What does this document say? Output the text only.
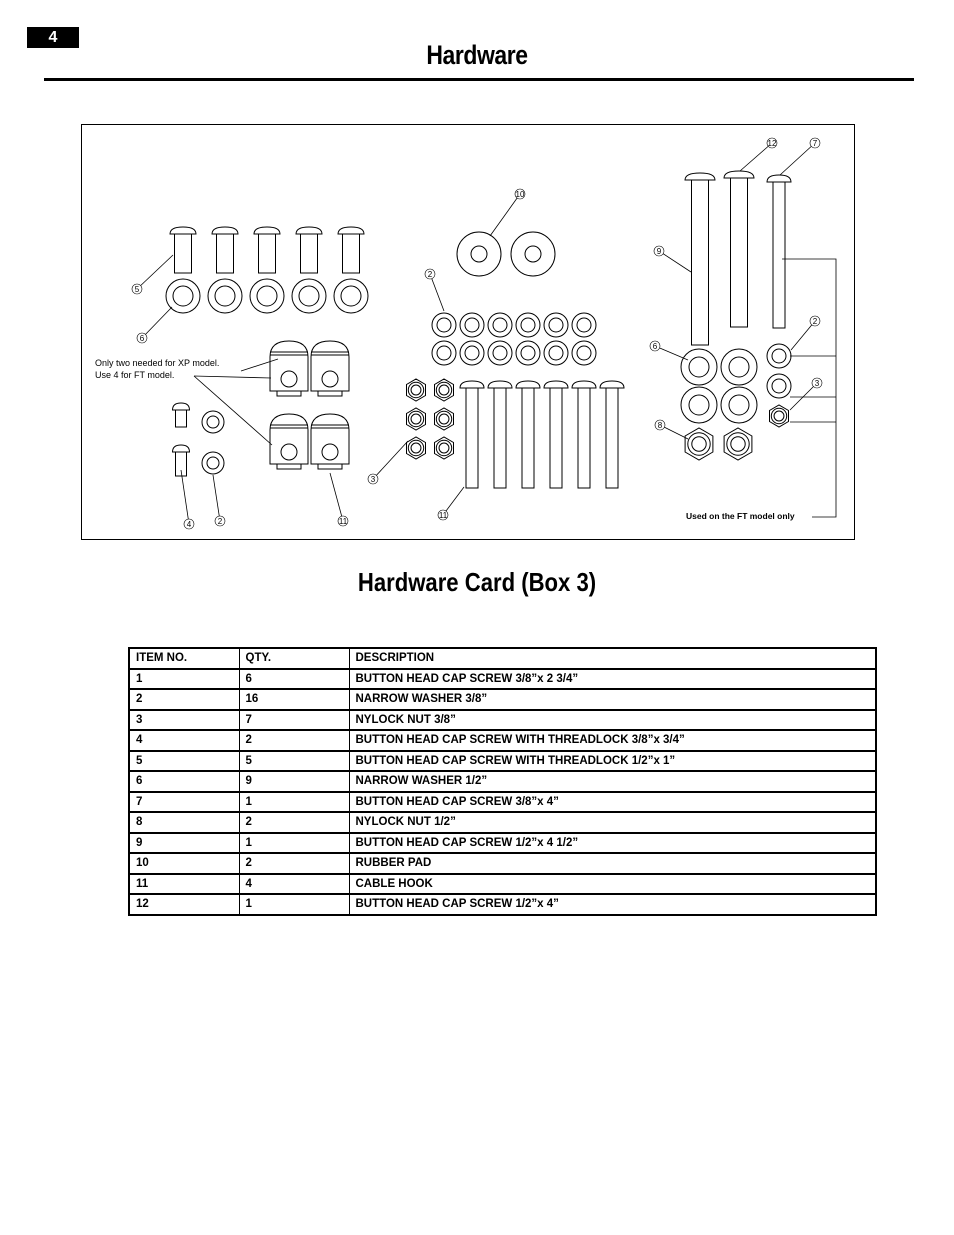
4
Hardware
5
6
4	2	11
10
2
3
11
12	7
9
6
8
2
3
Only two needed for XP model.
Use 4 for FT model.
Used on the FT model only
Hardware Card (Box 3)
ITEM NO.	QTY.	DESCRIPTION
1	6	BUTTON HEAD CAP SCREW 3/8”x 2 3/4”
2	16	NARROW WASHER 3/8”
3	7	NYLOCK NUT 3/8”
4	2	BUTTON HEAD CAP SCREW WITH THREADLOCK 3/8”x 3/4”
5	5	BUTTON HEAD CAP SCREW WITH THREADLOCK 1/2”x 1”
6	9	NARROW WASHER 1/2”
7	1	BUTTON HEAD CAP SCREW 3/8”x 4”
8	2	NYLOCK NUT 1/2”
9	1	BUTTON HEAD CAP SCREW 1/2”x 4 1/2”
10	2	RUBBER PAD
11	4	CABLE HOOK
12	1	BUTTON HEAD CAP SCREW 1/2”x 4”
